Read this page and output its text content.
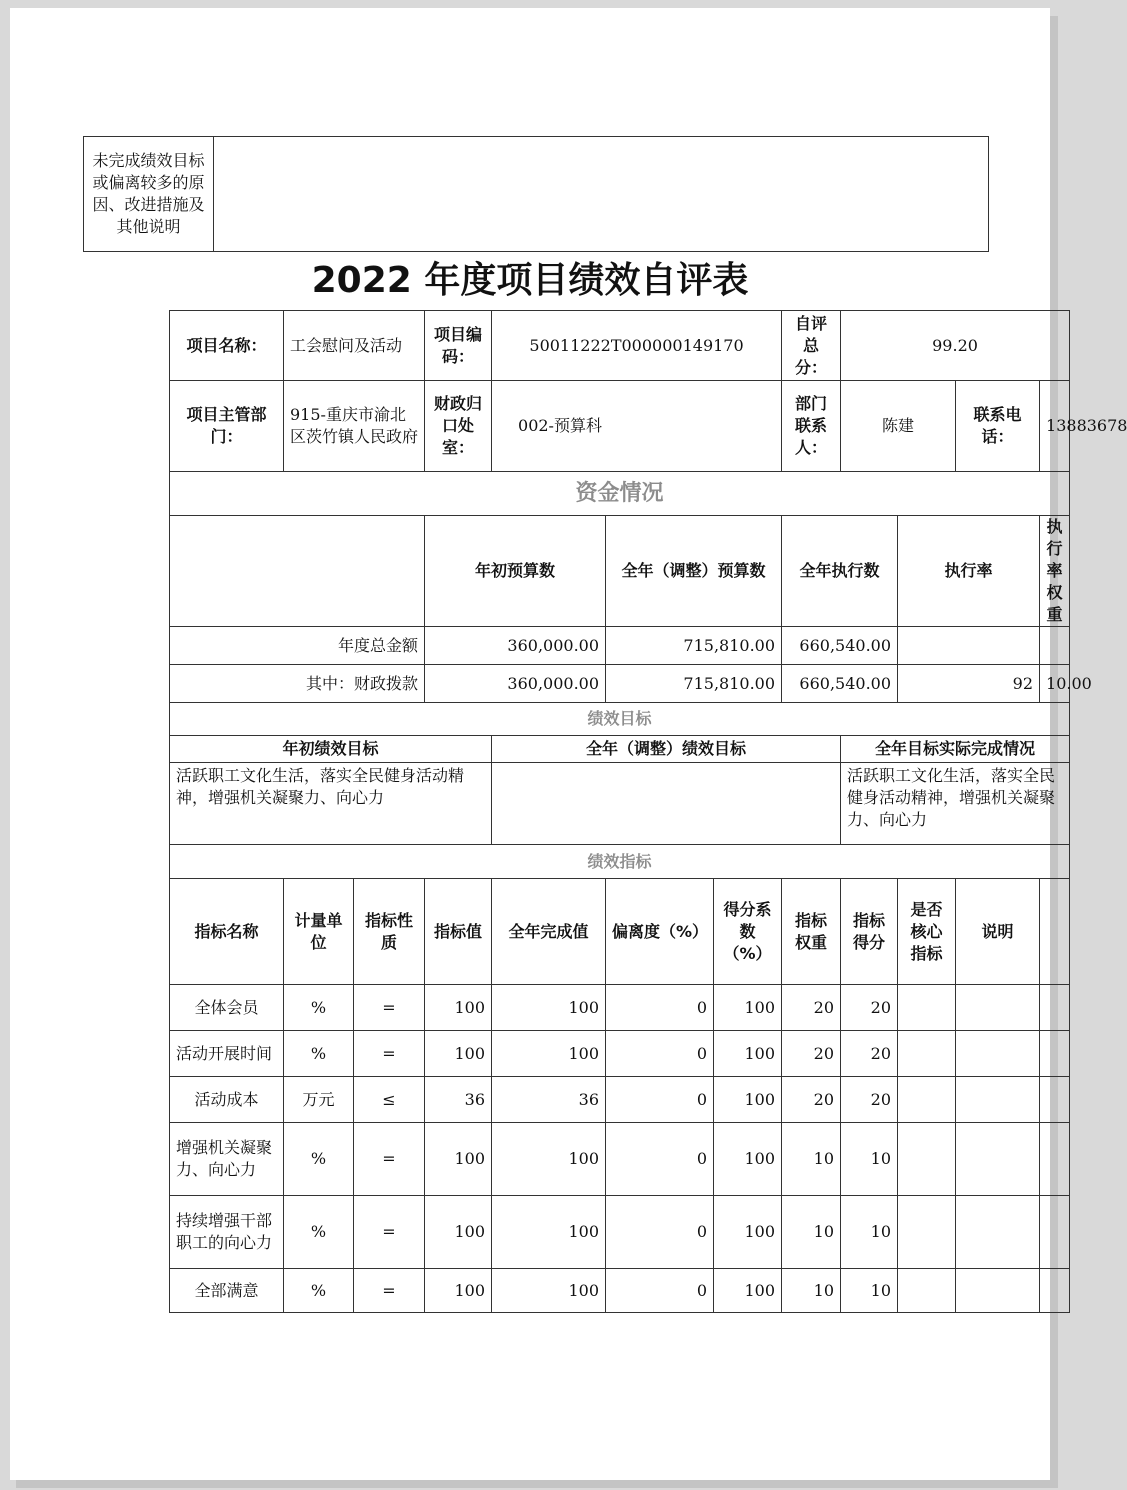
未完成绩效目标或偏离较多的原因、改进措施及其他说明	
2022 年度项目绩效自评表
项目名称：	工会慰问及活动		项目编码：	50011222T000000149170			自评总分：	99.20				
项目主管部门：	915-重庆市渝北区茨竹镇人民政府		财政归口处室：	002-预算科			部门联系人：	陈建		联系电话：	13883678	
资金情况												
			年初预算数		全年（调整）预算数		全年执行数		执行率		执行率权重	
年度总金额			360,000.00		715,810.00		660,540.00					
其中：财政拨款			360,000.00		715,810.00		660,540.00		92		10.00	
绩效目标												
年初绩效目标				全年（调整）绩效目标				全年目标实际完成情况				
活跃职工文化生活，落实全民健身活动精神，增强机关凝聚力、向心力								活跃职工文化生活，落实全民健身活动精神，增强机关凝聚力、向心力				
绩效指标												
指标名称	计量单位	指标性质	指标值	全年完成值	偏离度（%）	得分系数（%）	指标权重	指标得分	是否核心指标	说明		
全体会员	%	=	100	100	0	100	20	20				
活动开展时间	%	=	100	100	0	100	20	20				
活动成本	万元	≤	36	36	0	100	20	20				
增强机关凝聚力、向心力	%	=	100	100	0	100	10	10				
持续增强干部职工的向心力	%	=	100	100	0	100	10	10				
全部满意	%	=	100	100	0	100	10	10				
